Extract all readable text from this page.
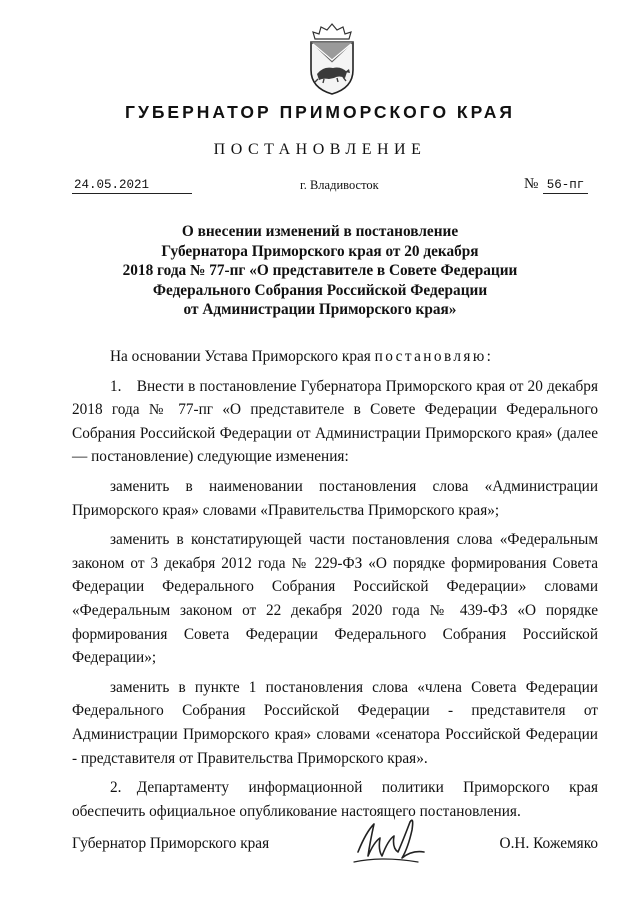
ГУБЕРНАТОР ПРИМОРСКОГО КРАЯ
ПОСТАНОВЛЕНИЕ
24.05.2021	г. Владивосток	№ 56-пг
О внесении изменений в постановление
Губернатора Приморского края от 20 декабря
2018 года № 77-пг «О представителе в Совете Федерации
Федерального Собрания Российской Федерации
от Администрации Приморского края»

На основании Устава Приморского края постановляю:

1. Внести в постановление Губернатора Приморского края от 20 декабря 2018 года № 77-пг «О представителе в Совете Федерации Федерального Собрания Российской Федерации от Администрации Приморского края» (далее — постановление) следующие изменения:

заменить в наименовании постановления слова «Администрации Приморского края» словами «Правительства Приморского края»;

заменить в констатирующей части постановления слова «Федеральным законом от 3 декабря 2012 года № 229-ФЗ «О порядке формирования Совета Федерации Федерального Собрания Российской Федерации» словами «Федеральным законом от 22 декабря 2020 года № 439-ФЗ «О порядке формирования Совета Федерации Федерального Собрания Российской Федерации»;

заменить в пункте 1 постановления слова «члена Совета Федерации Федерального Собрания Российской Федерации - представителя от Администрации Приморского края» словами «сенатора Российской Федерации - представителя от Правительства Приморского края».

2. Департаменту информационной политики Приморского края обеспечить официальное опубликование настоящего постановления.

Губернатор Приморского края	О.Н. Кожемяко
